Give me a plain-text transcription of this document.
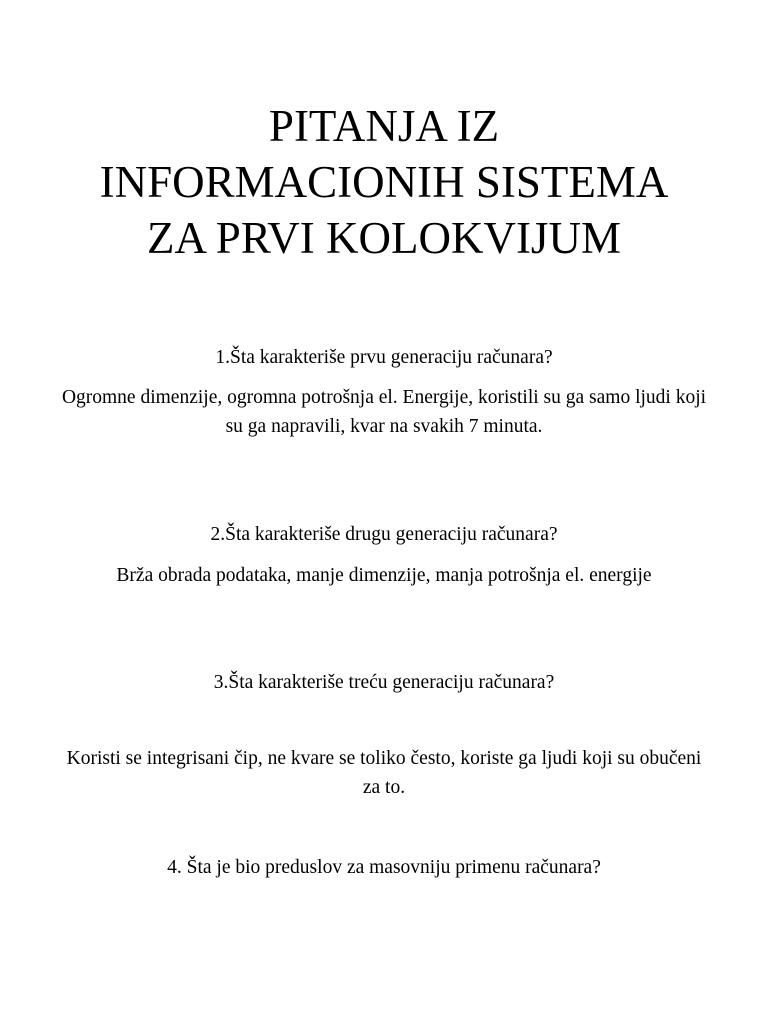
PITANJA IZ
INFORMACIONIH SISTEMA
ZA PRVI KOLOKVIJUM

1.Šta karakteriše prvu generaciju računara?

Ogromne dimenzije, ogromna potrošnja el. Energije, koristili su ga samo ljudi koji su ga napravili, kvar na svakih 7 minuta.

2.Šta karakteriše drugu generaciju računara?

Brža obrada podataka, manje dimenzije, manja potrošnja el. energije

3.Šta karakteriše treću generaciju računara?

Koristi se integrisani čip, ne kvare se toliko često, koriste ga ljudi koji su obučeni za to.

4. Šta je bio preduslov za masovniju primenu računara?
